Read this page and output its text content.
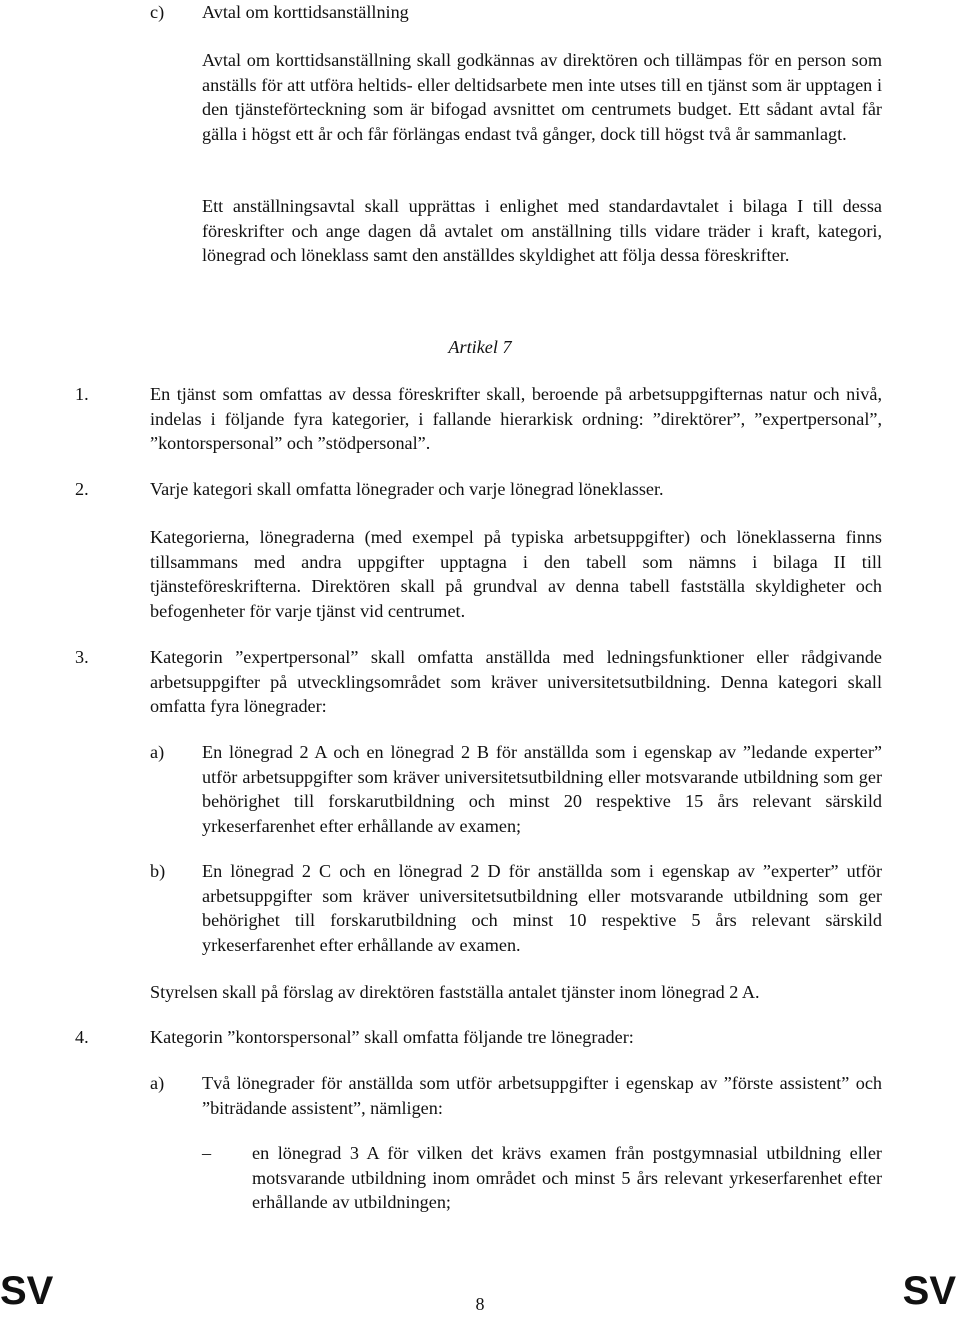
c) Avtal om korttidsanställning
Avtal om korttidsanställning skall godkännas av direktören och tillämpas för en person som anställs för att utföra heltids- eller deltidsarbete men inte utses till en tjänst som är upptagen i den tjänsteförteckning som är bifogad avsnittet om centrumets budget. Ett sådant avtal får gälla i högst ett år och får förlängas endast två gånger, dock till högst två år sammanlagt.
Ett anställningsavtal skall upprättas i enlighet med standardavtalet i bilaga I till dessa föreskrifter och ange dagen då avtalet om anställning tills vidare träder i kraft, kategori, lönegrad och löneklass samt den anställdes skyldighet att följa dessa föreskrifter.
Artikel 7
1.	En tjänst som omfattas av dessa föreskrifter skall, beroende på arbetsuppgifternas natur och nivå, indelas i följande fyra kategorier, i fallande hierarkisk ordning: ”direktörer”, ”expertpersonal”, ”kontorspersonal” och ”stödpersonal”.
2.	Varje kategori skall omfatta lönegrader och varje lönegrad löneklasser.
Kategorierna, lönegraderna (med exempel på typiska arbetsuppgifter) och löneklasserna finns tillsammans med andra uppgifter upptagna i den tabell som nämns i bilaga II till tjänsteföreskrifterna. Direktören skall på grundval av denna tabell fastställa skyldigheter och befogenheter för varje tjänst vid centrumet.
3.	Kategorin ”expertpersonal” skall omfatta anställda med ledningsfunktioner eller rådgivande arbetsuppgifter på utvecklingsområdet som kräver universitetsutbildning. Denna kategori skall omfatta fyra lönegrader:
a) En lönegrad 2 A och en lönegrad 2 B för anställda som i egenskap av ”ledande experter” utför arbetsuppgifter som kräver universitetsutbildning eller motsvarande utbildning som ger behörighet till forskarutbildning och minst 20 respektive 15 års relevant särskild yrkeserfarenhet efter erhållande av examen;
b) En lönegrad 2 C och en lönegrad 2 D för anställda som i egenskap av ”experter” utför arbetsuppgifter som kräver universitetsutbildning eller motsvarande utbildning som ger behörighet till forskarutbildning och minst 10 respektive 5 års relevant särskild yrkeserfarenhet efter erhållande av examen.
Styrelsen skall på förslag av direktören fastställa antalet tjänster inom lönegrad 2 A.
4.	Kategorin ”kontorspersonal” skall omfatta följande tre lönegrader:
a) Två lönegrader för anställda som utför arbetsuppgifter i egenskap av ”förste assistent” och ”biträdande assistent”, nämligen:
– en lönegrad 3 A för vilken det krävs examen från postgymnasial utbildning eller motsvarande utbildning inom området och minst 5 års relevant yrkeserfarenhet efter erhållande av utbildningen;
SV	8	SV
